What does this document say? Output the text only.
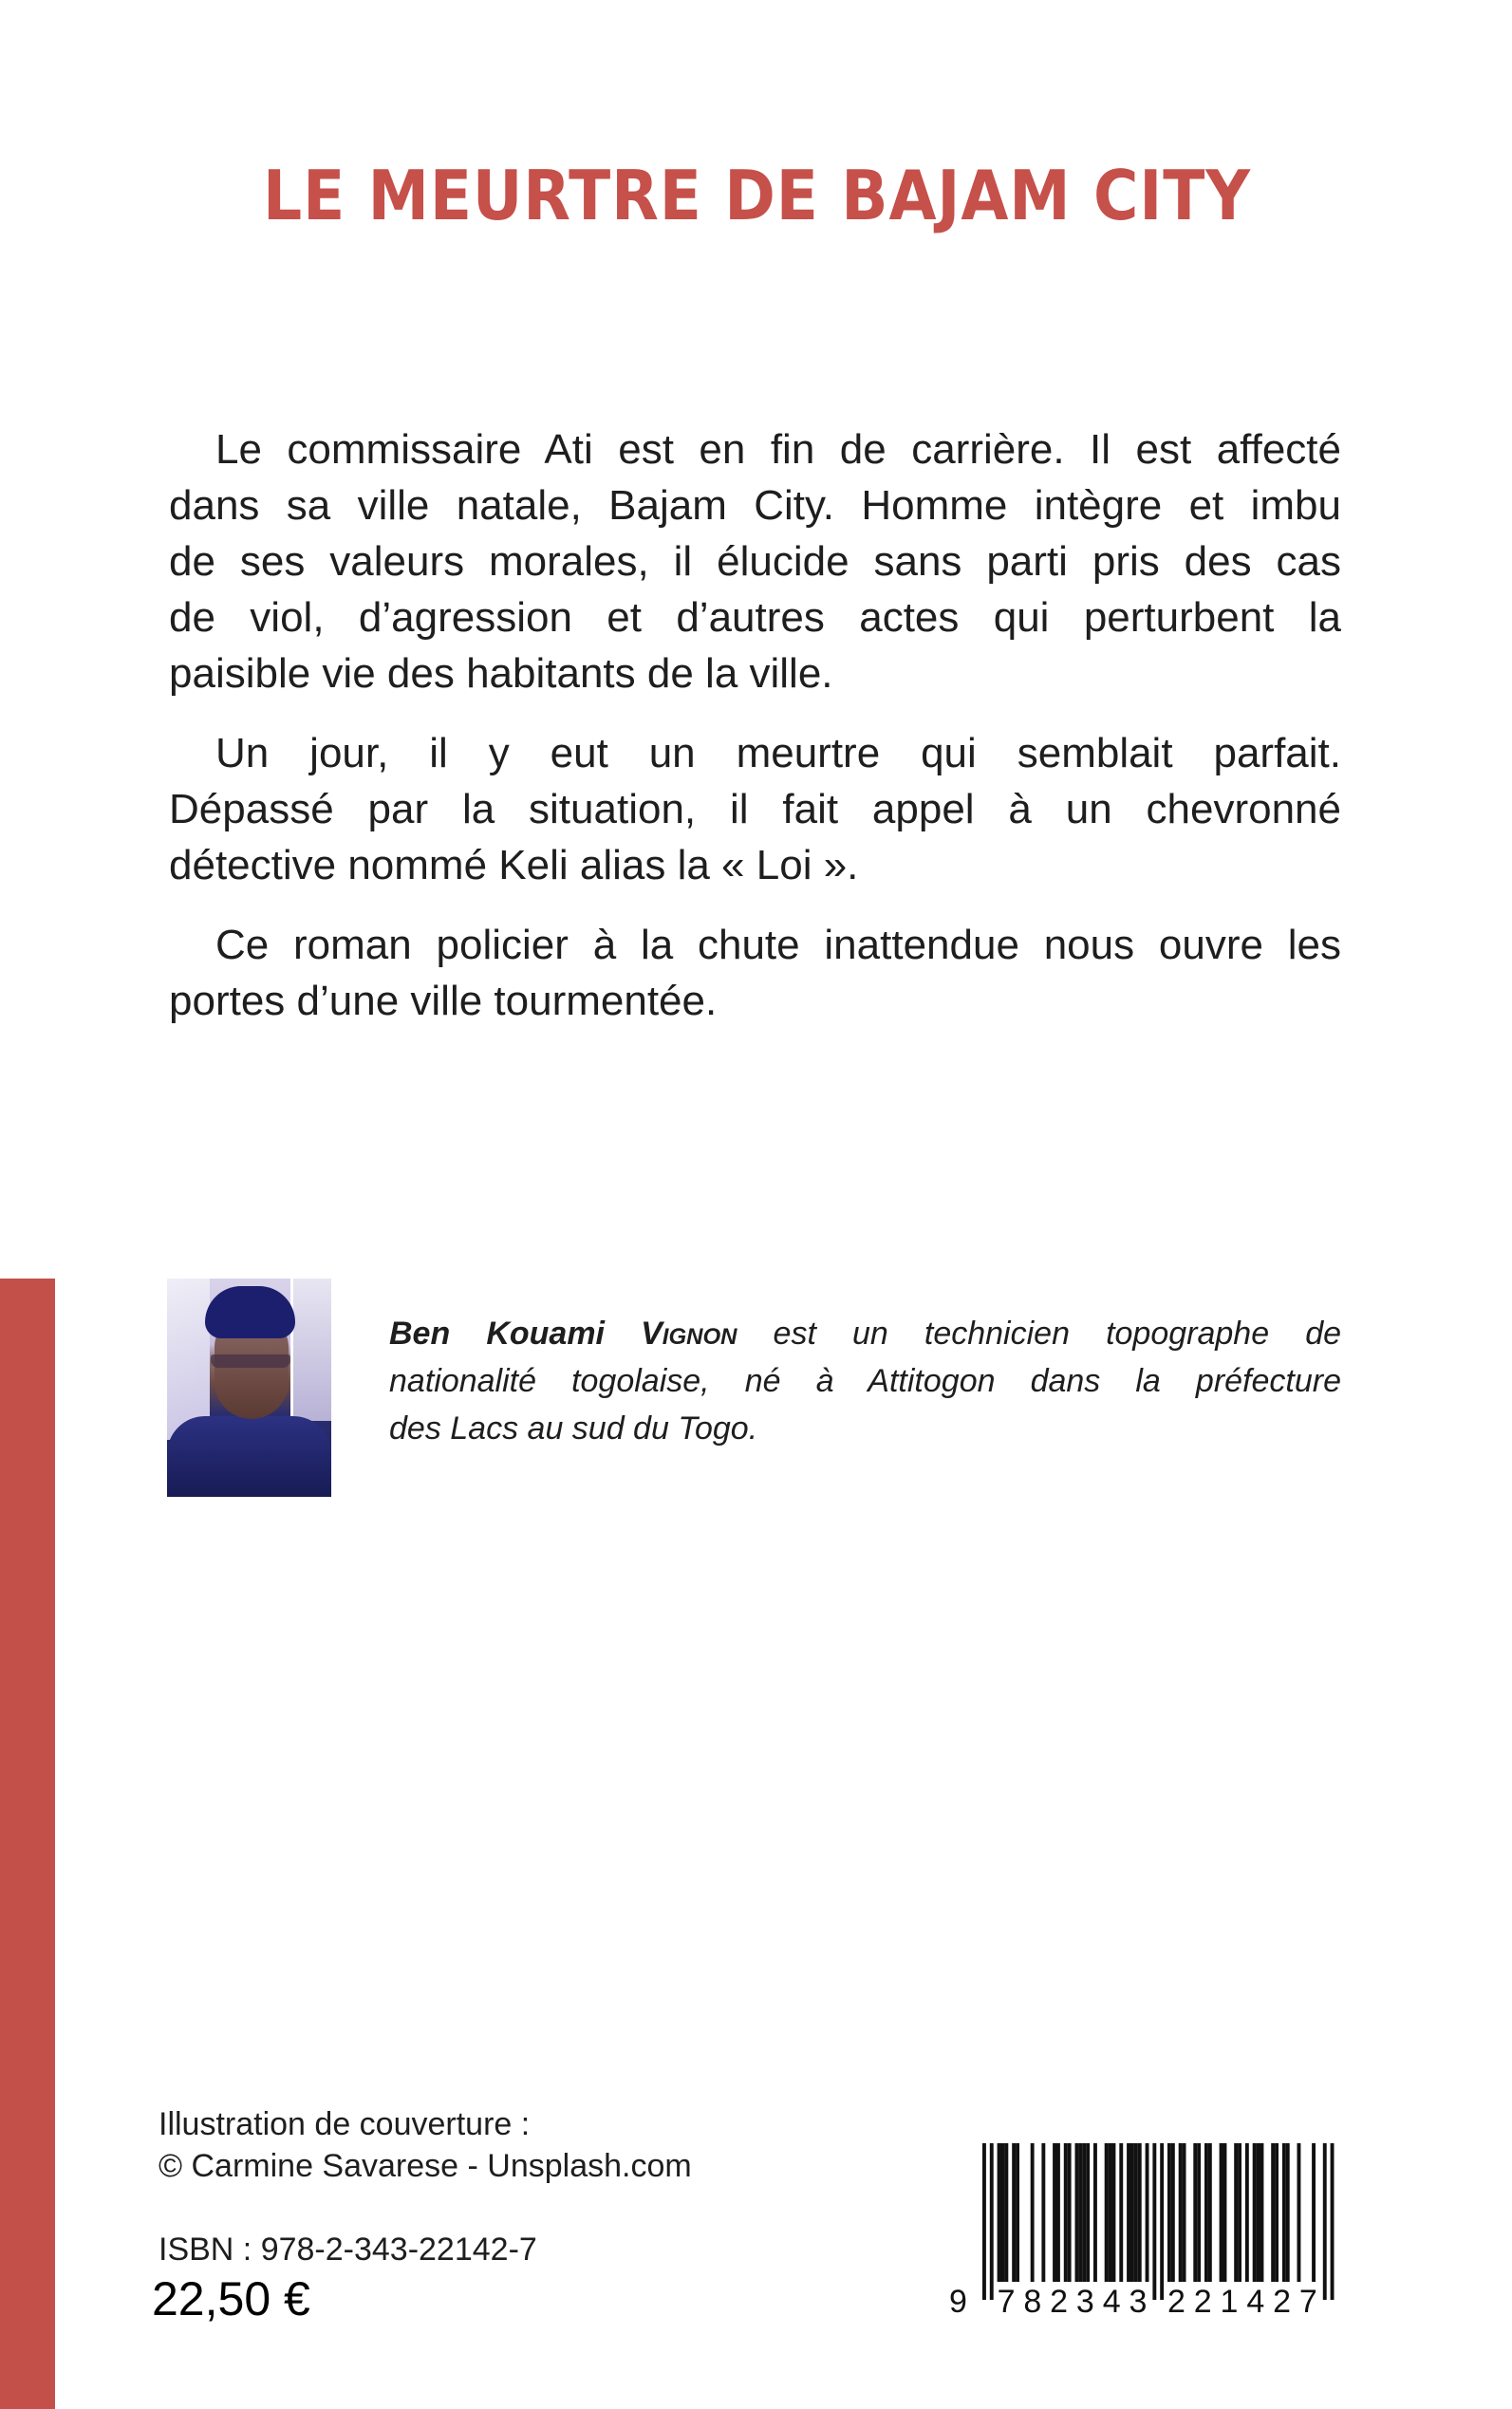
LE MEURTRE DE BAJAM CITY
Le commissaire Ati est en fin de carrière. Il est affecté
dans sa ville natale, Bajam City. Homme intègre et imbu
de ses valeurs morales, il élucide sans parti pris des cas
de viol, d’agression et d’autres actes qui perturbent la
paisible vie des habitants de la ville.
Un jour, il y eut un meurtre qui semblait parfait.
Dépassé par la situation, il fait appel à un chevronné
détective nommé Keli alias la « Loi ».
Ce roman policier à la chute inattendue nous ouvre les
portes d’une ville tourmentée.
Ben Kouami Vignon est un technicien topographe de
nationalité togolaise, né à Attitogon dans la préfecture
des Lacs au sud du Togo.
Illustration de couverture :
© Carmine Savarese - Unsplash.com
ISBN : 978-2-343-22142-7
22,50 €	9 782343 221427
